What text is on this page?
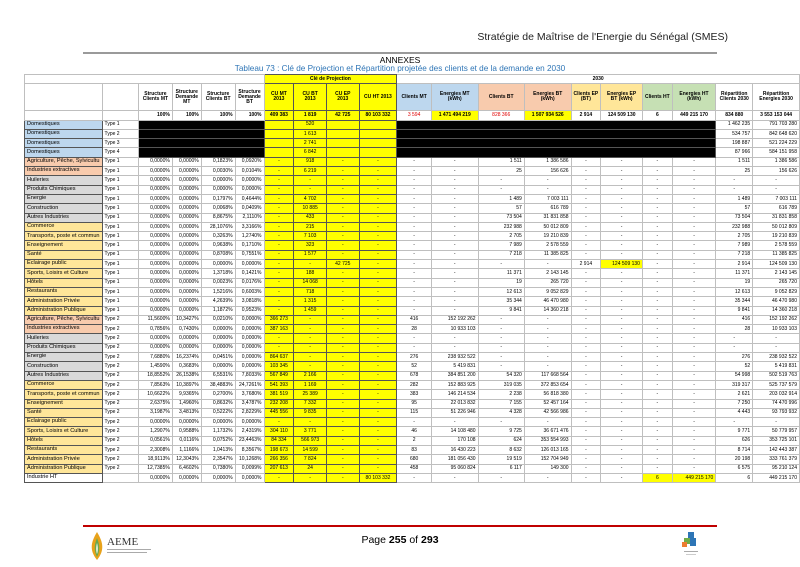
Stratégie de Maîtrise de l'Energie du Sénégal (SMES)
ANNEXES
Tableau 73 : Clé de Projection et Répartition projetée des clients et de la demande en 2030
						Clé de Projection				2030									
		Structure Clients MT	Structure Demande MT	Structure Clients BT	Structure Demande BT	CU MT 2013	CU BT 2013	CU EP 2013	CU HT 2013	Clients MT	Energies MT (kWh)	Clients BT	Energies BT (kWh)	Clients EP (BT)	Energies EP BT (kWh)	Clients HT	Energies HT (kWh)	Répartition Clients 2030	Répartition Energies 2030
		100%	100%	100%	100%	409 383	1 819	42 725	80 103 332	3 594	1 471 494 219	828 366	1 507 934 526	2 914	124 509 130	6	449 215 170	834 880	3 553 153 044
Domestiques	Type 1						520											1 462 235	791 703 280
Domestiques	Type 2						1 613											534 757	842 648 620
Domestiques	Type 3						2 741											198 887	521 224 229
Domestiques	Type 4						6 842											87 966	584 151 958
Agriculture, Pêche, Sylvicultu	Type 1	0,0000%	0,0000%	0,1823%	0,0920%	-	918	-	-	-	-	1 511	1 386 586	-	-	-	-	1 511	1 386 586
Industries extractives	Type 1	0,0000%	0,0000%	0,0030%	0,0104%	-	6 219	-	-	-	-	25	156 626	-	-	-	-	25	156 626
Huileries	Type 1	0,0000%	0,0000%	0,0000%	0,0000%	-	-	-	-	-	-	-	-	-	-	-	-	-	-
Produits Chimiques	Type 1	0,0000%	0,0000%	0,0000%	0,0000%	-	-	-	-	-	-	-	-	-	-	-	-	-	-
Energie	Type 1	0,0000%	0,0000%	0,1797%	0,4644%	-	4 702	-	-	-	-	1 489	7 003 111	-	-	-	-	1 489	7 003 111
Construction	Type 1	0,0000%	0,0000%	0,0068%	0,0409%	-	10 885	-	-	-	-	57	616 789	-	-	-	-	57	616 789
Autres Industries	Type 1	0,0000%	0,0000%	8,8675%	2,1110%	-	433	-	-	-	-	73 504	31 831 858	-	-	-	-	73 504	31 831 858
Commerce	Type 1	0,0000%	0,0000%	28,1076%	3,3166%	-	215	-	-	-	-	232 988	50 012 809	-	-	-	-	232 988	50 012 809
Transports, poste et commun	Type 1	0,0000%	0,0000%	0,3263%	1,2740%	-	7 103	-	-	-	-	2 705	19 210 839	-	-	-	-	2 705	19 210 839
Enseignement	Type 1	0,0000%	0,0000%	0,9638%	0,1710%	-	323	-	-	-	-	7 989	2 578 559	-	-	-	-	7 989	2 578 559
Santé	Type 1	0,0000%	0,0000%	0,8708%	0,7551%	-	1 577	-	-	-	-	7 218	11 385 825	-	-	-	-	7 218	11 385 825
Eclairage public	Type 1	0,0000%	0,0000%	0,0000%	0,0000%	-	-	42 725	-	-	-	-	-	2 914	124 509 130	-	-	2 914	124 509 130
Sports, Loisirs et Culture	Type 1	0,0000%	0,0000%	1,3718%	0,1421%	-	188	-	-	-	-	11 371	2 143 145	-	-	-	-	11 371	2 143 145
Hôtels	Type 1	0,0000%	0,0000%	0,0023%	0,0176%	-	14 068	-	-	-	-	19	265 720	-	-	-	-	19	265 720
Restaurants	Type 1	0,0000%	0,0000%	1,5216%	0,6003%	-	718	-	-	-	-	12 613	9 052 829	-	-	-	-	12 613	9 052 829
Administration Privée	Type 1	0,0000%	0,0000%	4,2639%	3,0818%	-	1 315	-	-	-	-	35 344	46 470 980	-	-	-	-	35 344	46 470 980
Administration Publique	Type 1	0,0000%	0,0000%	1,1872%	0,9523%	-	1 459	-	-	-	-	9 841	14 360 218	-	-	-	-	9 841	14 360 218
Agriculture, Pêche, Sylvicultu	Type 2	11,5600%	10,3427%	0,0210%	0,0000%	366 273	-	-	-	416	152 192 262	-	-	-	-	-	-	416	152 192 262
Industries extractives	Type 2	0,7856%	0,7430%	0,0000%	0,0000%	387 163	-	-	-	28	10 933 103	-	-	-	-	-	-	28	10 933 103
Huileries	Type 2	0,0000%	0,0000%	0,0000%	0,0000%	-	-	-	-	-	-	-	-	-	-	-	-	-	-
Produits Chimiques	Type 2	0,0000%	0,0000%	0,0000%	0,0000%	-	-	-	-	-	-	-	-	-	-	-	-	-	-
Energie	Type 2	7,6880%	16,2374%	0,0451%	0,0000%	864 637	-	-	-	276	238 932 522	-	-	-	-	-	-	276	238 932 522
Construction	Type 2	1,4590%	0,3683%	0,0000%	0,0000%	103 345	-	-	-	52	5 419 831	-	-	-	-	-	-	52	5 419 831
Autres Industries	Type 2	18,8552%	26,1538%	6,5531%	7,8033%	567 849	2 166	-	-	678	384 851 200	54 320	117 668 564	-	-	-	-	54 998	502 519 763
Commerce	Type 2	7,8563%	10,3897%	38,4883%	24,7261%	541 393	1 169	-	-	282	152 883 925	319 035	372 853 654	-	-	-	-	319 317	525 737 579
Transports, poste et commun	Type 2	10,6622%	9,9365%	0,2700%	3,7680%	381 519	25 389	-	-	383	146 214 534	2 238	56 818 380	-	-	-	-	2 621	203 032 914
Enseignement	Type 2	2,6375%	1,4960%	0,8632%	3,4787%	232 208	7 332	-	-	95	22 013 832	7 155	52 457 164	-	-	-	-	7 250	74 470 996
Santé	Type 2	3,1987%	3,4813%	0,5222%	2,8229%	445 556	9 835	-	-	115	51 226 946	4 328	42 566 986	-	-	-	-	4 443	93 793 932
Eclairage public	Type 2	0,0000%	0,0000%	0,0000%	0,0000%	-	-	-	-	-	-	-	-	-	-	-	-	-	-
Sports, Loisirs et Culture	Type 2	1,2907%	0,9588%	1,1732%	2,4319%	304 110	3 771	-	-	46	14 108 480	9 725	36 671 476	-	-	-	-	9 771	50 779 957
Hôtels	Type 2	0,0561%	0,0116%	0,0752%	23,4463%	84 334	566 973	-	-	2	170 108	624	353 554 993	-	-	-	-	626	353 725 101
Restaurants	Type 2	2,3008%	1,1166%	1,0413%	8,3567%	198 673	14 599	-	-	83	16 430 223	8 632	126 013 165	-	-	-	-	8 714	142 443 387
Administration Privée	Type 2	18,9113%	12,3043%	2,3547%	10,1268%	266 356	7 824	-	-	680	181 056 430	19 519	152 704 949	-	-	-	-	20 198	333 761 379
Administration Publique	Type 2	12,7385%	6,4602%	0,7380%	0,0099%	207 613	24	-	-	458	95 060 824	6 117	149 300	-	-	-	-	6 575	95 210 124
Industrie HT		0,0000%	0,0000%	0,0000%	0,0000%	-	-	-	80 103 332	-	-	-	-	-	-	6	449 215 170	6	449 215 170
AEME	Page 255 of 293
